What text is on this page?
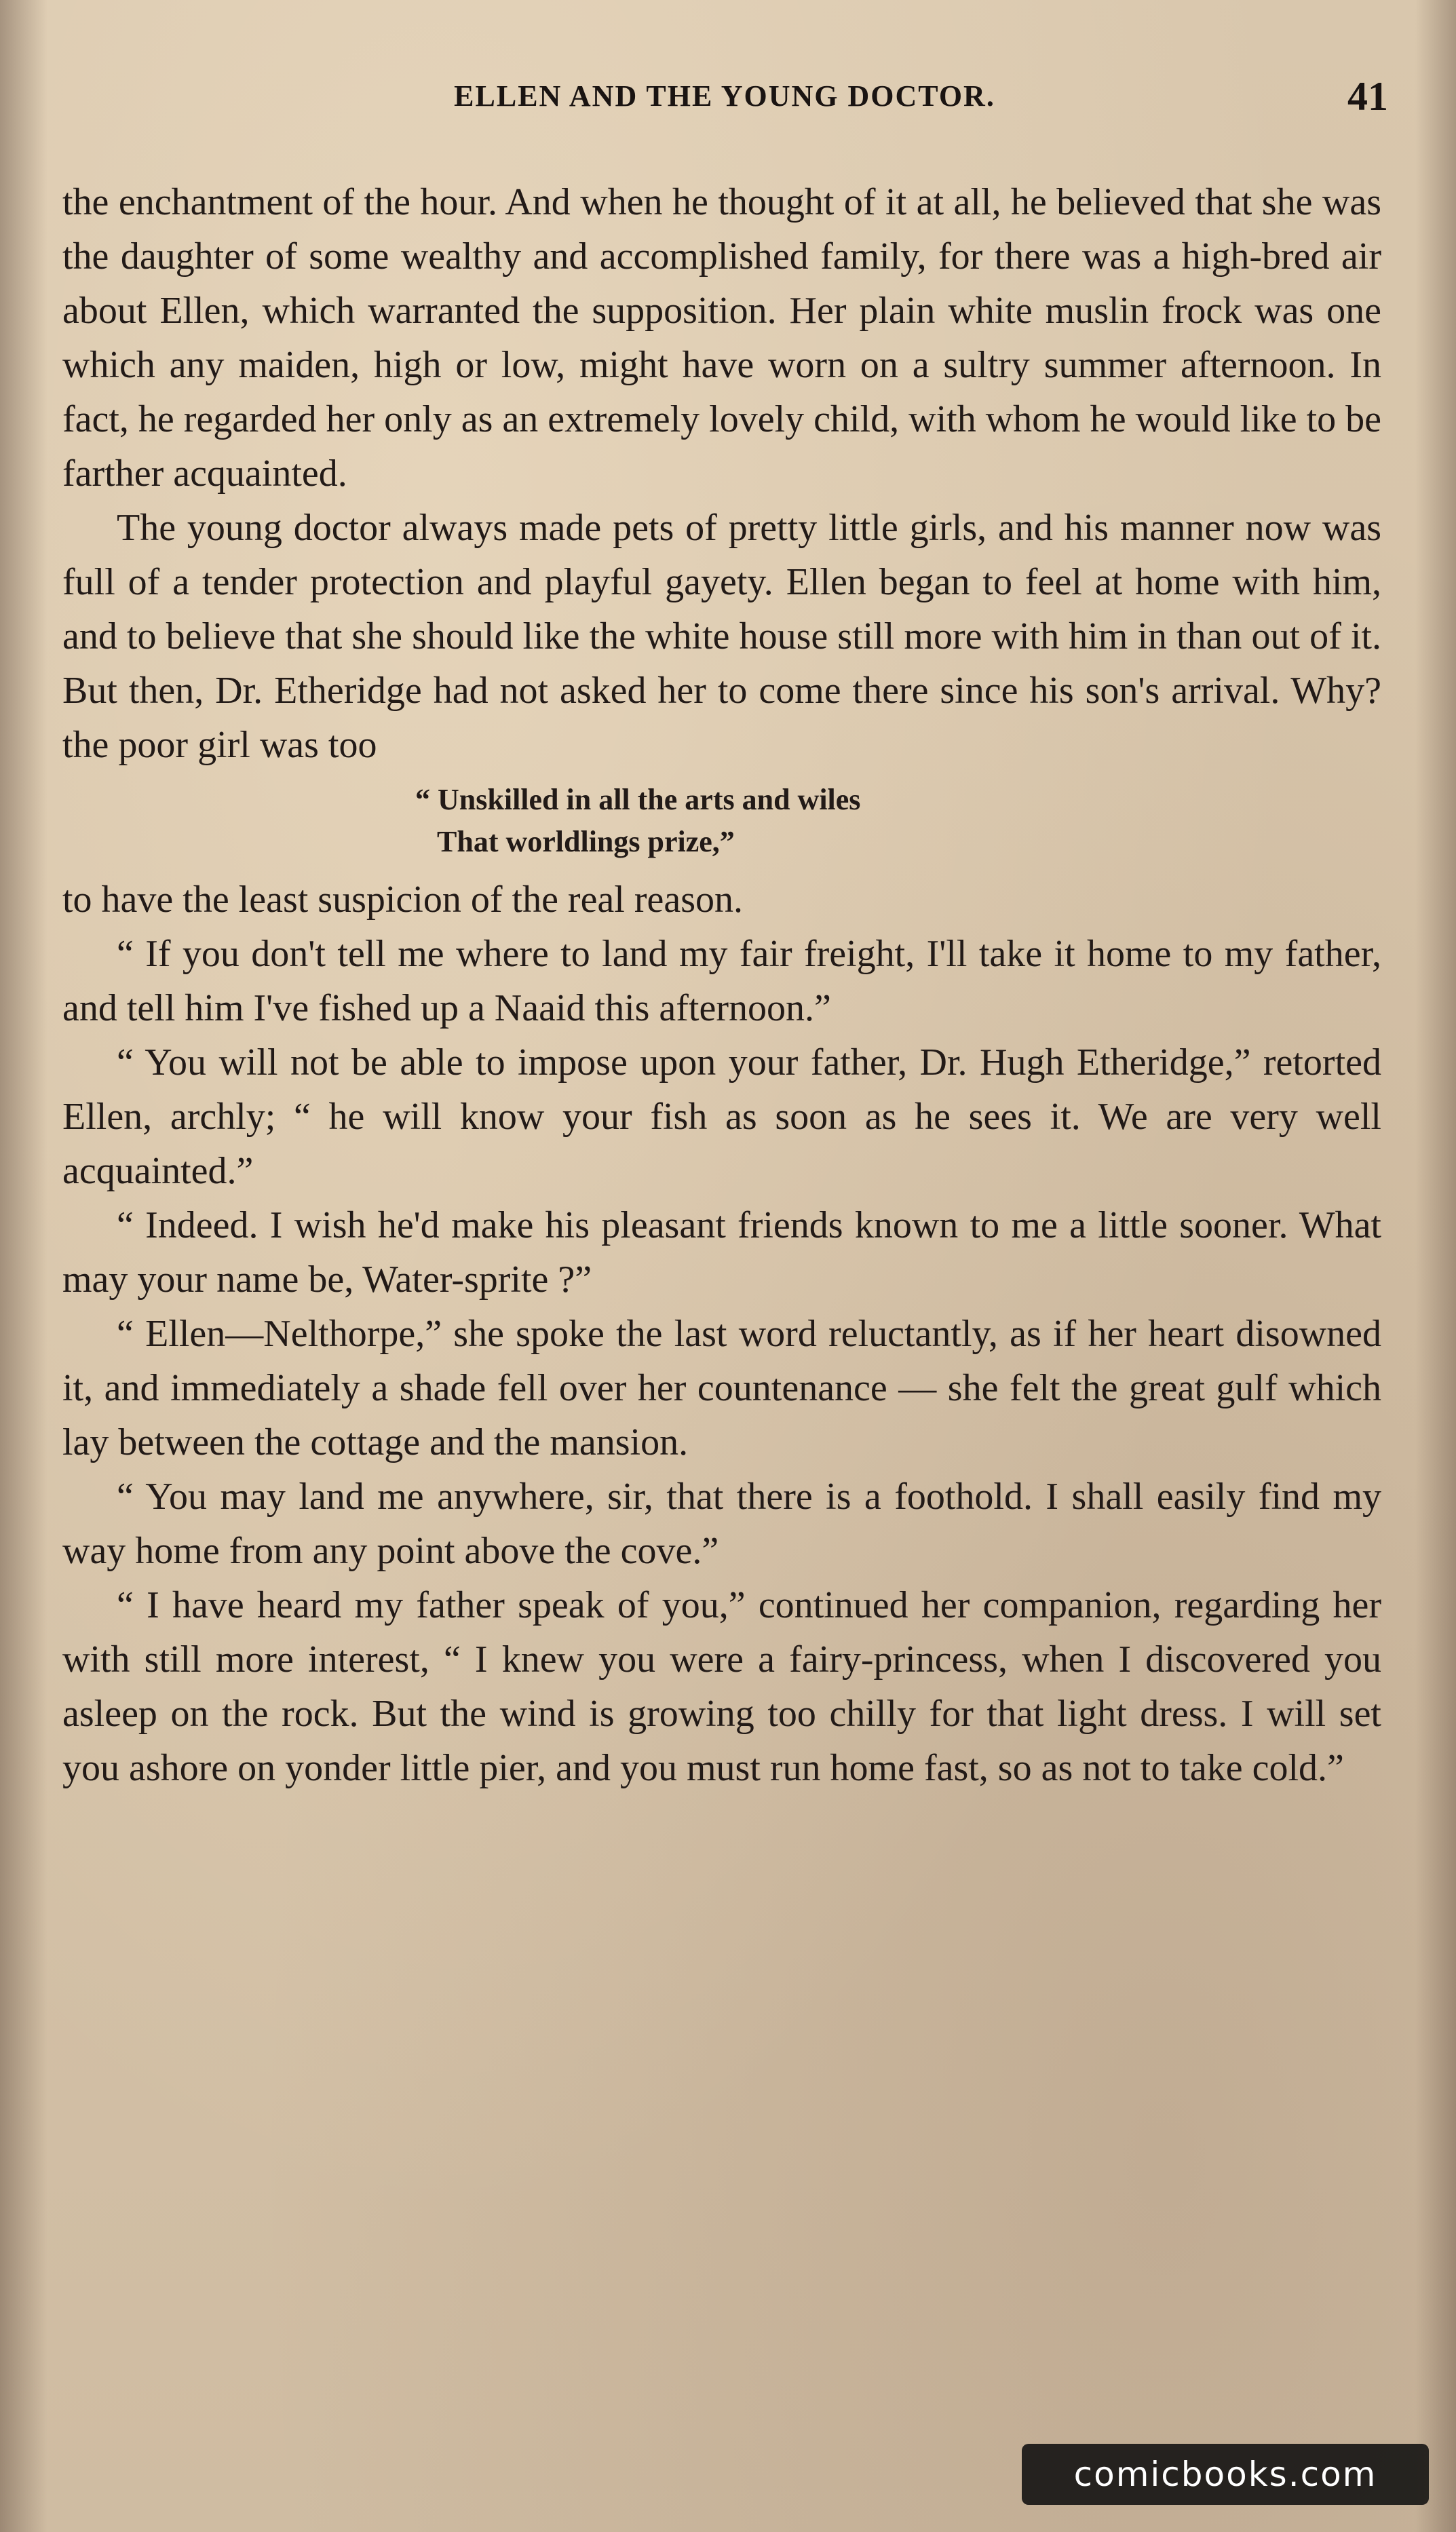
ELLEN AND THE YOUNG DOCTOR.	41

the enchantment of the hour. And when he thought of it at all, he believed that she was the daughter of some wealthy and accomplished family, for there was a high-bred air about Ellen, which warranted the supposition. Her plain white muslin frock was one which any maiden, high or low, might have worn on a sultry summer afternoon. In fact, he regarded her only as an extremely lovely child, with whom he would like to be farther acquainted.

The young doctor always made pets of pretty little girls, and his manner now was full of a tender protection and playful gayety. Ellen began to feel at home with him, and to believe that she should like the white house still more with him in than out of it. But then, Dr. Etheridge had not asked her to come there since his son's arrival. Why? the poor girl was too

“ Unskilled in all the arts and wiles
That worldlings prize,”

to have the least suspicion of the real reason.

“ If you don't tell me where to land my fair freight, I'll take it home to my father, and tell him I've fished up a Naaid this afternoon.”

“ You will not be able to impose upon your father, Dr. Hugh Etheridge,” retorted Ellen, archly; “ he will know your fish as soon as he sees it. We are very well acquainted.”

“ Indeed. I wish he'd make his pleasant friends known to me a little sooner. What may your name be, Water-sprite ?”

“ Ellen—Nelthorpe,” she spoke the last word reluctantly, as if her heart disowned it, and immediately a shade fell over her countenance — she felt the great gulf which lay between the cottage and the mansion.

“ You may land me anywhere, sir, that there is a foothold. I shall easily find my way home from any point above the cove.”

“ I have heard my father speak of you,” continued her companion, regarding her with still more interest, “ I knew you were a fairy-princess, when I discovered you asleep on the rock. But the wind is growing too chilly for that light dress. I will set you ashore on yonder little pier, and you must run home fast, so as not to take cold.”

comicbooks.com
